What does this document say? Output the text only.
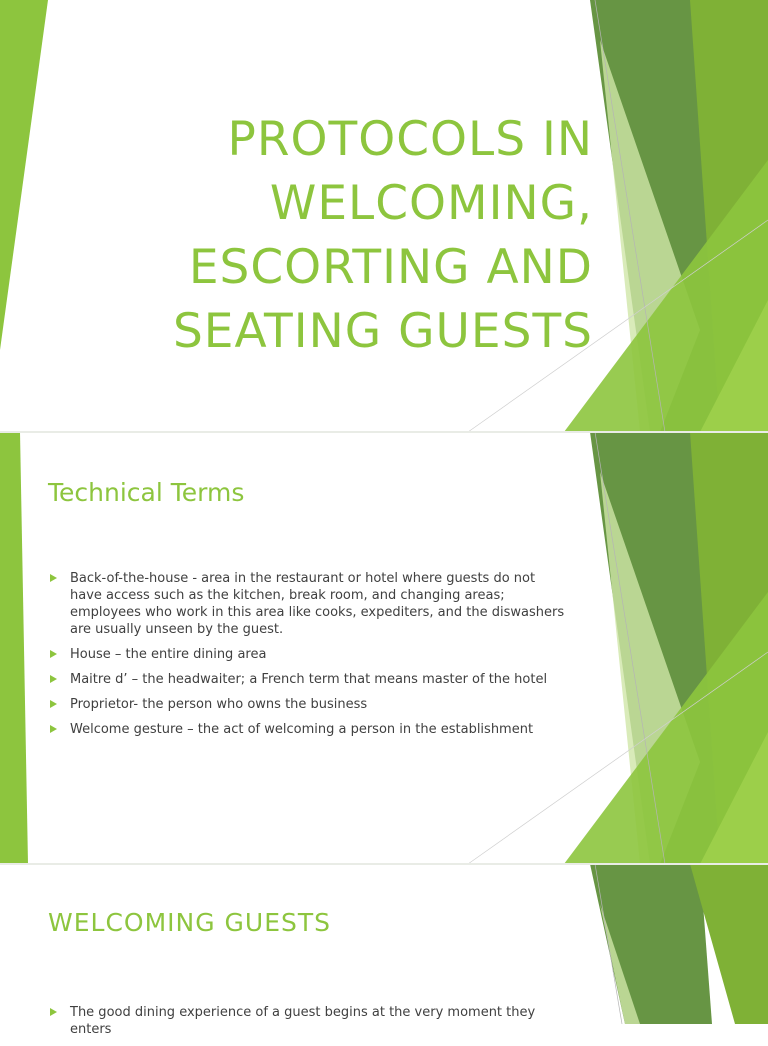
PROTOCOLS IN
WELCOMING,
ESCORTING AND
SEATING GUESTS
Technical Terms
Back-of-the-house - area in the restaurant or hotel where guests do not have access such as the kitchen, break room, and changing areas; employees who work in this area like cooks, expediters, and the diswashers are usually unseen by the guest.
House – the entire dining area
Maitre d’ – the headwaiter; a French term that means master of the hotel
Proprietor- the person who owns the business
Welcome gesture – the act of welcoming a person in the establishment
WELCOMING GUESTS
The good dining experience of a guest begins at the very moment they enters
